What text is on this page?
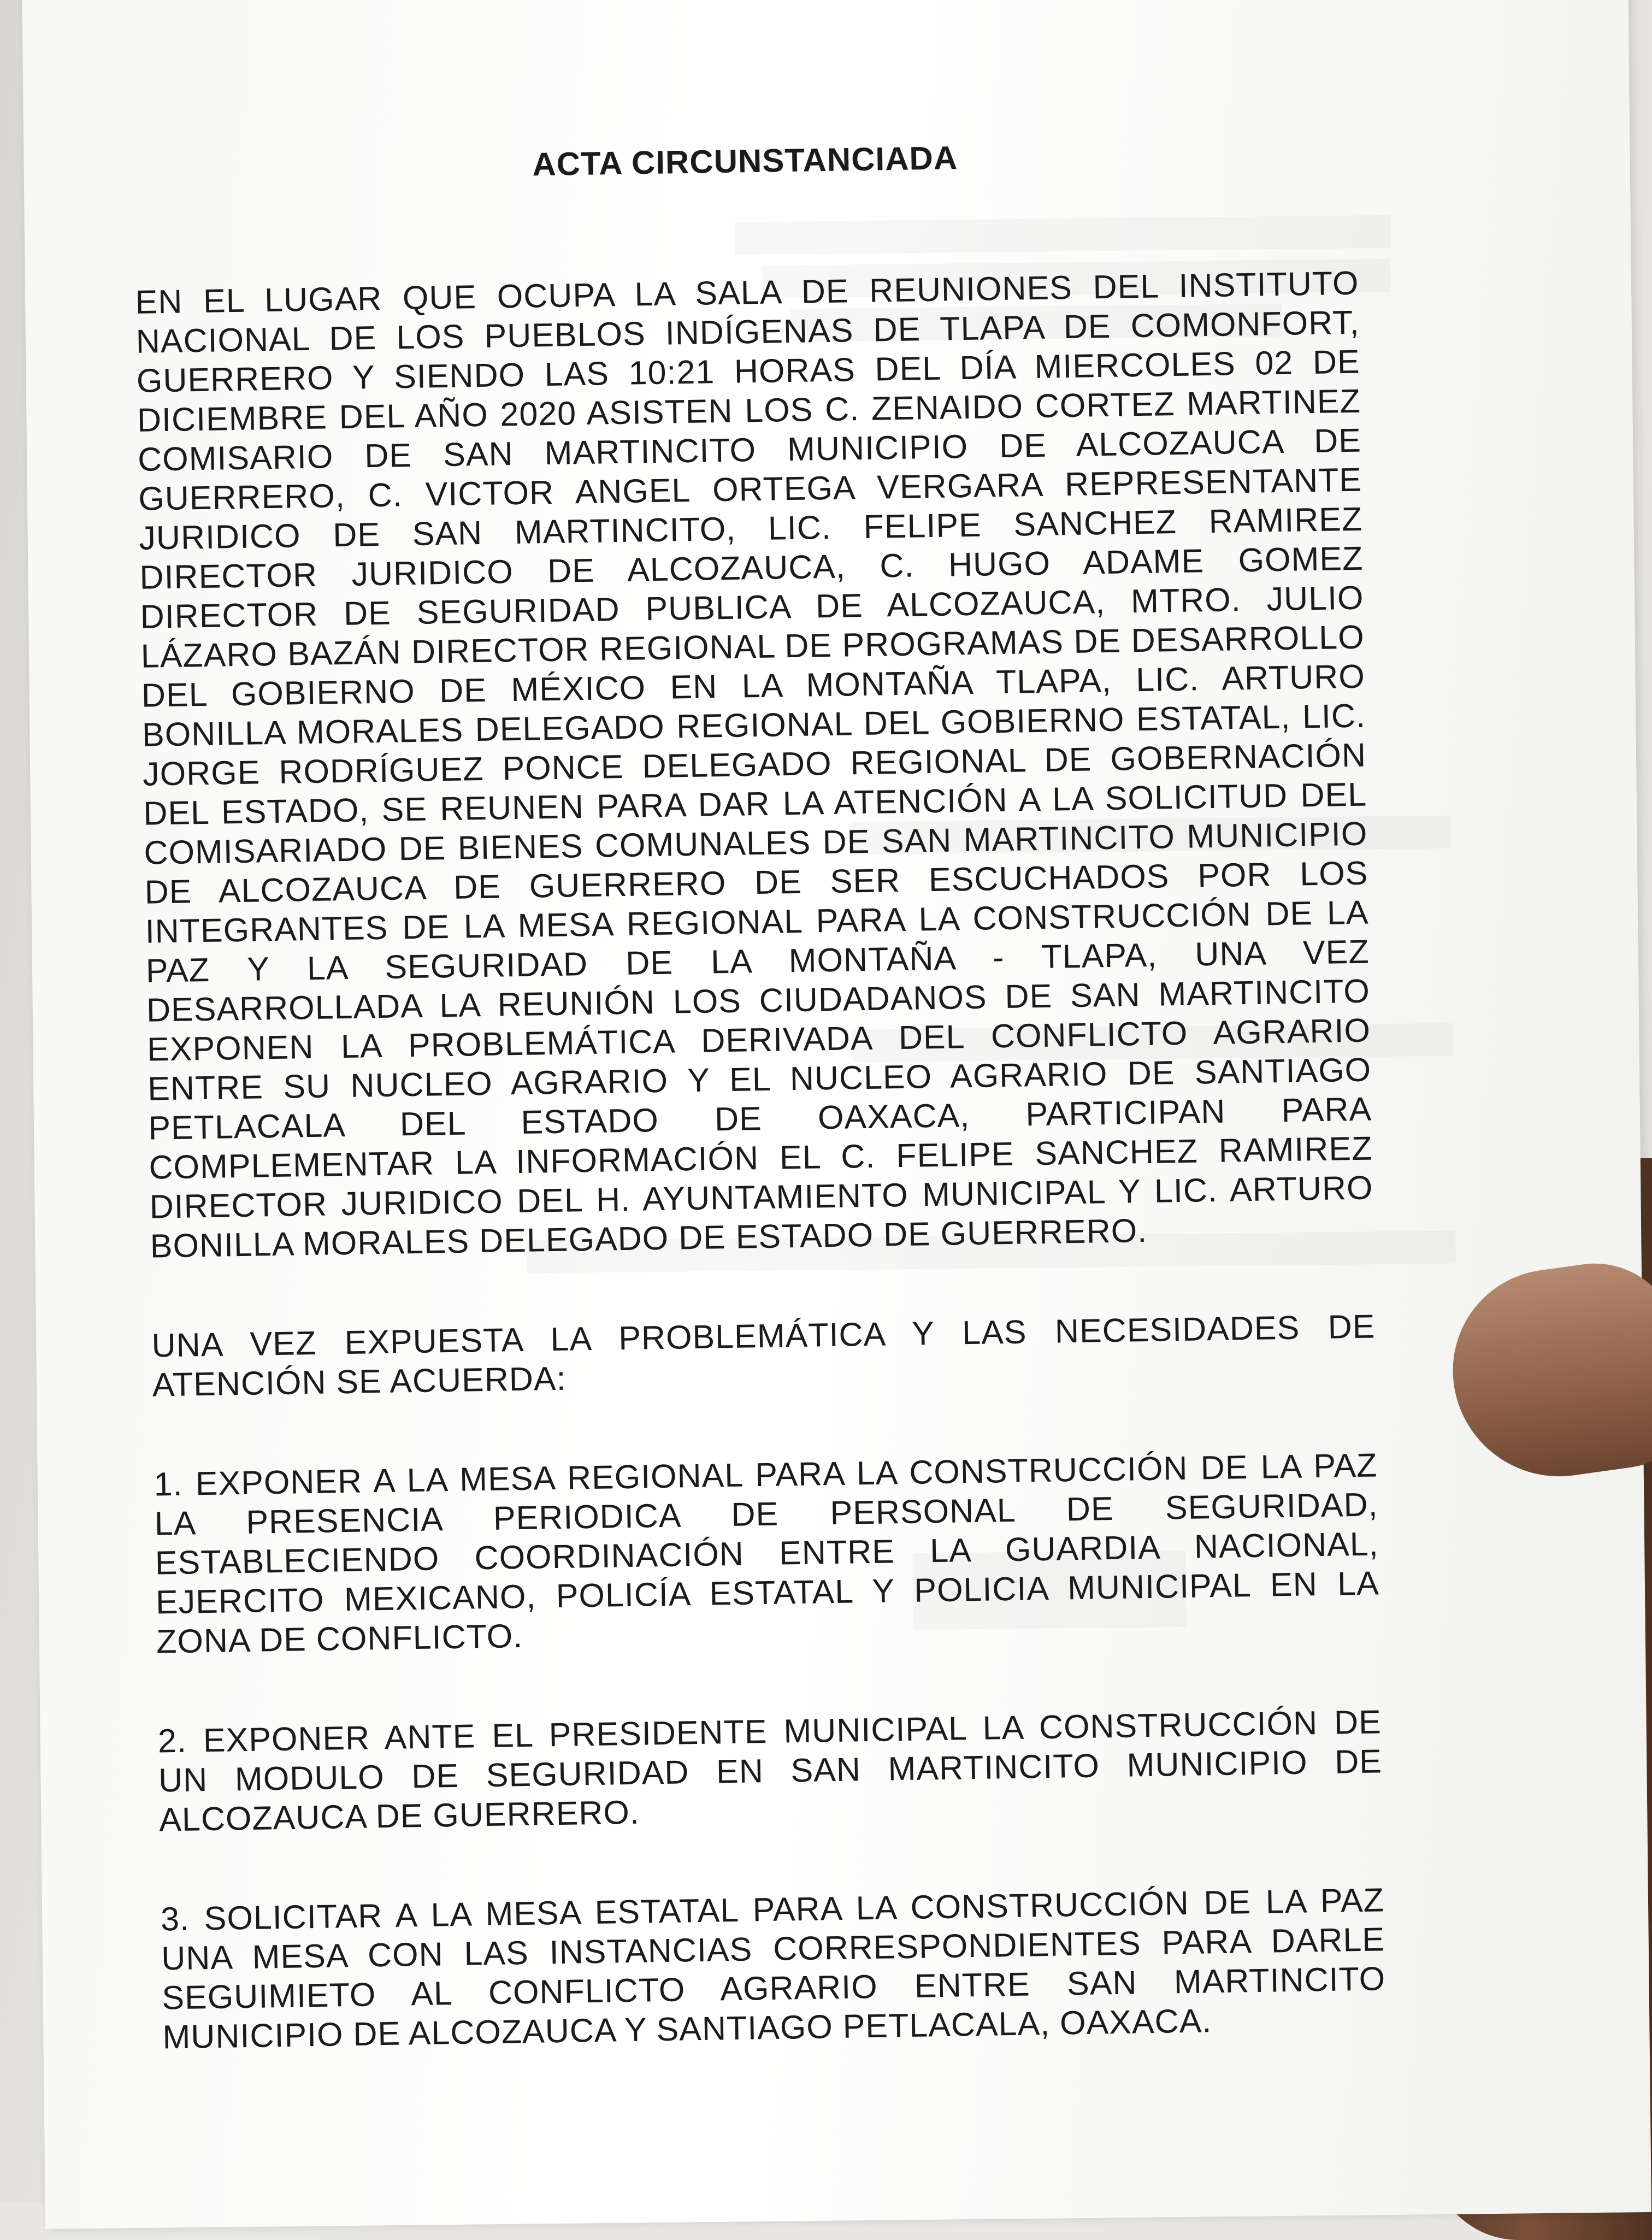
ACTA CIRCUNSTANCIADA

EN EL LUGAR QUE OCUPA LA SALA DE REUNIONES DEL INSTITUTO NACIONAL DE LOS PUEBLOS INDÍGENAS DE TLAPA DE COMONFORT, GUERRERO Y SIENDO LAS 10:21 HORAS DEL DÍA MIERCOLES 02 DE DICIEMBRE DEL AÑO 2020 ASISTEN LOS C. ZENAIDO CORTEZ MARTINEZ COMISARIO DE SAN MARTINCITO MUNICIPIO DE ALCOZAUCA DE GUERRERO, C. VICTOR ANGEL ORTEGA VERGARA REPRESENTANTE JURIDICO DE SAN MARTINCITO, LIC. FELIPE SANCHEZ RAMIREZ DIRECTOR JURIDICO DE ALCOZAUCA, C. HUGO ADAME GOMEZ DIRECTOR DE SEGURIDAD PUBLICA DE ALCOZAUCA, MTRO. JULIO LÁZARO BAZÁN DIRECTOR REGIONAL DE PROGRAMAS DE DESARROLLO DEL GOBIERNO DE MÉXICO EN LA MONTAÑA TLAPA, LIC. ARTURO BONILLA MORALES DELEGADO REGIONAL DEL GOBIERNO ESTATAL, LIC. JORGE RODRÍGUEZ PONCE DELEGADO REGIONAL DE GOBERNACIÓN DEL ESTADO, SE REUNEN PARA DAR LA ATENCIÓN A LA SOLICITUD DEL COMISARIADO DE BIENES COMUNALES DE SAN MARTINCITO MUNICIPIO DE ALCOZAUCA DE GUERRERO DE SER ESCUCHADOS POR LOS INTEGRANTES DE LA MESA REGIONAL PARA LA CONSTRUCCIÓN DE LA PAZ Y LA SEGURIDAD DE LA MONTAÑA - TLAPA, UNA VEZ DESARROLLADA LA REUNIÓN LOS CIUDADANOS DE SAN MARTINCITO EXPONEN LA PROBLEMÁTICA DERIVADA DEL CONFLICTO AGRARIO ENTRE SU NUCLEO AGRARIO Y EL NUCLEO AGRARIO DE SANTIAGO PETLACALA DEL ESTADO DE OAXACA, PARTICIPAN PARA COMPLEMENTAR LA INFORMACIÓN EL C. FELIPE SANCHEZ RAMIREZ DIRECTOR JURIDICO DEL H. AYUNTAMIENTO MUNICIPAL Y LIC. ARTURO BONILLA MORALES DELEGADO DE ESTADO DE GUERRERO.

UNA VEZ EXPUESTA LA PROBLEMÁTICA Y LAS NECESIDADES DE ATENCIÓN SE ACUERDA:

1. EXPONER A LA MESA REGIONAL PARA LA CONSTRUCCIÓN DE LA PAZ LA PRESENCIA PERIODICA DE PERSONAL DE SEGURIDAD, ESTABLECIENDO COORDINACIÓN ENTRE LA GUARDIA NACIONAL, EJERCITO MEXICANO, POLICÍA ESTATAL Y POLICIA MUNICIPAL EN LA ZONA DE CONFLICTO.

2. EXPONER ANTE EL PRESIDENTE MUNICIPAL LA CONSTRUCCIÓN DE UN MODULO DE SEGURIDAD EN SAN MARTINCITO MUNICIPIO DE ALCOZAUCA DE GUERRERO.

3. SOLICITAR A LA MESA ESTATAL PARA LA CONSTRUCCIÓN DE LA PAZ UNA MESA CON LAS INSTANCIAS CORRESPONDIENTES PARA DARLE SEGUIMIETO AL CONFLICTO AGRARIO ENTRE SAN MARTINCITO MUNICIPIO DE ALCOZAUCA Y SANTIAGO PETLACALA, OAXACA.
